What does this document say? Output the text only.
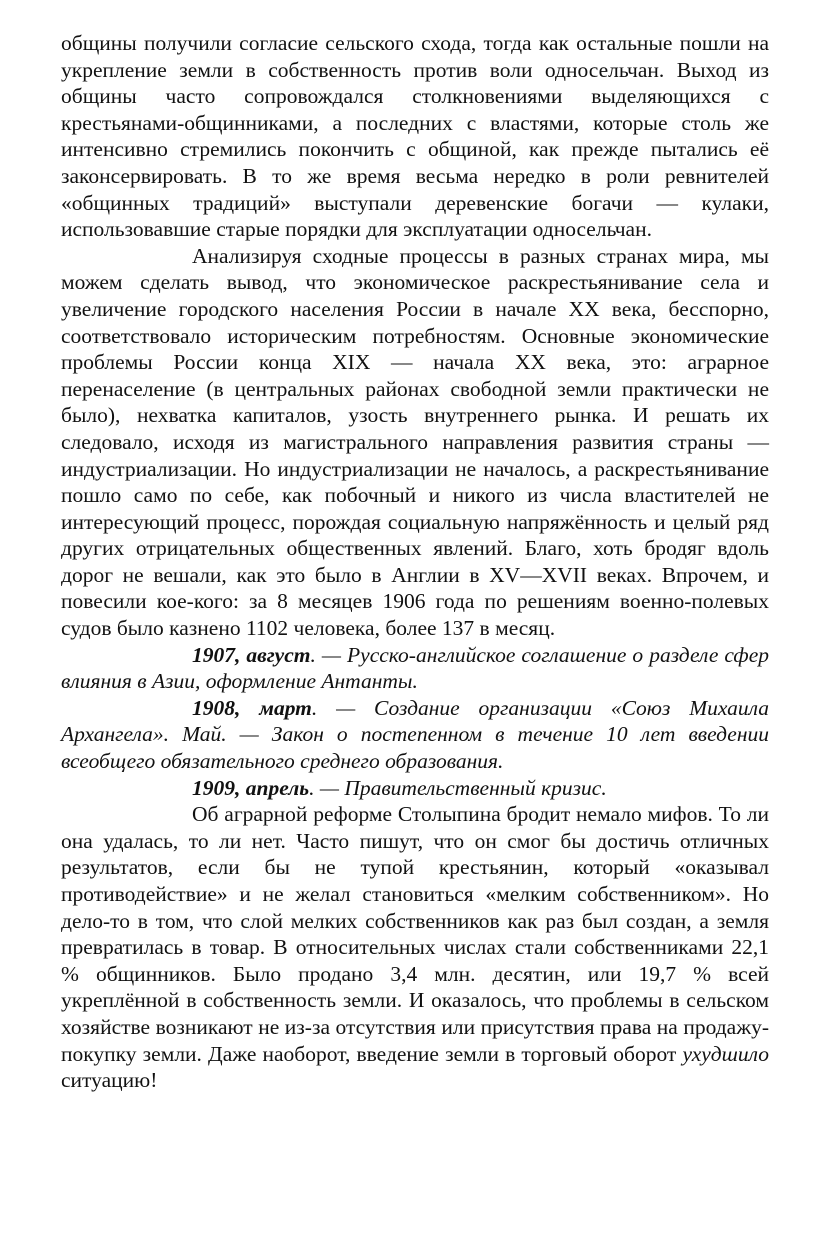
общины получили согласие сельского схода, тогда как остальные пошли на укрепление земли в собственность против воли односельчан. Выход из общины часто сопровождался столкновениями выделяющихся с крестьянами-общинниками, а последних с властями, которые столь же интенсивно стремились покончить с общиной, как прежде пытались её законсервировать. В то же время весьма нередко в роли ревнителей «общинных традиций» выступали деревенские богачи — кулаки, использовавшие старые порядки для эксплуатации односельчан.

Анализируя сходные процессы в разных странах мира, мы можем сделать вывод, что экономическое раскрестьянивание села и увеличение городского населения России в начале XX века, бесспорно, соответствовало историческим потребностям. Основные экономические проблемы России конца XIX — начала XX века, это: аграрное перенаселение (в центральных районах свободной земли практически не было), нехватка капиталов, узость внутреннего рынка. И решать их следовало, исходя из магистрального направления развития страны — индустриализации. Но индустриализации не началось, а раскрестьянивание пошло само по себе, как побочный и никого из числа властителей не интересующий процесс, порождая социальную напряжённость и целый ряд других отрицательных общественных явлений. Благо, хоть бродяг вдоль дорог не вешали, как это было в Англии в XV—XVII веках. Впрочем, и повесили кое-кого: за 8 месяцев 1906 года по решениям военно-полевых судов было казнено 1102 человека, более 137 в месяц.

1907, август. — Русско-английское соглашение о разделе сфер влияния в Азии, оформление Антанты.

1908, март. — Создание организации «Союз Михаила Архангела». Май. — Закон о постепенном в течение 10 лет введении всеобщего обязательного среднего образования.

1909, апрель. — Правительственный кризис.

Об аграрной реформе Столыпина бродит немало мифов. То ли она удалась, то ли нет. Часто пишут, что он смог бы достичь отличных результатов, если бы не тупой крестьянин, который «оказывал противодействие» и не желал становиться «мелким собственником». Но дело-то в том, что слой мелких собственников как раз был создан, а земля превратилась в товар. В относительных числах стали собственниками 22,1 % общинников. Было продано 3,4 млн. десятин, или 19,7 % всей укреплённой в собственность земли. И оказалось, что проблемы в сельском хозяйстве возникают не из-за отсутствия или присутствия права на продажу-покупку земли. Даже наоборот, введение земли в торговый оборот ухудшило ситуацию!
